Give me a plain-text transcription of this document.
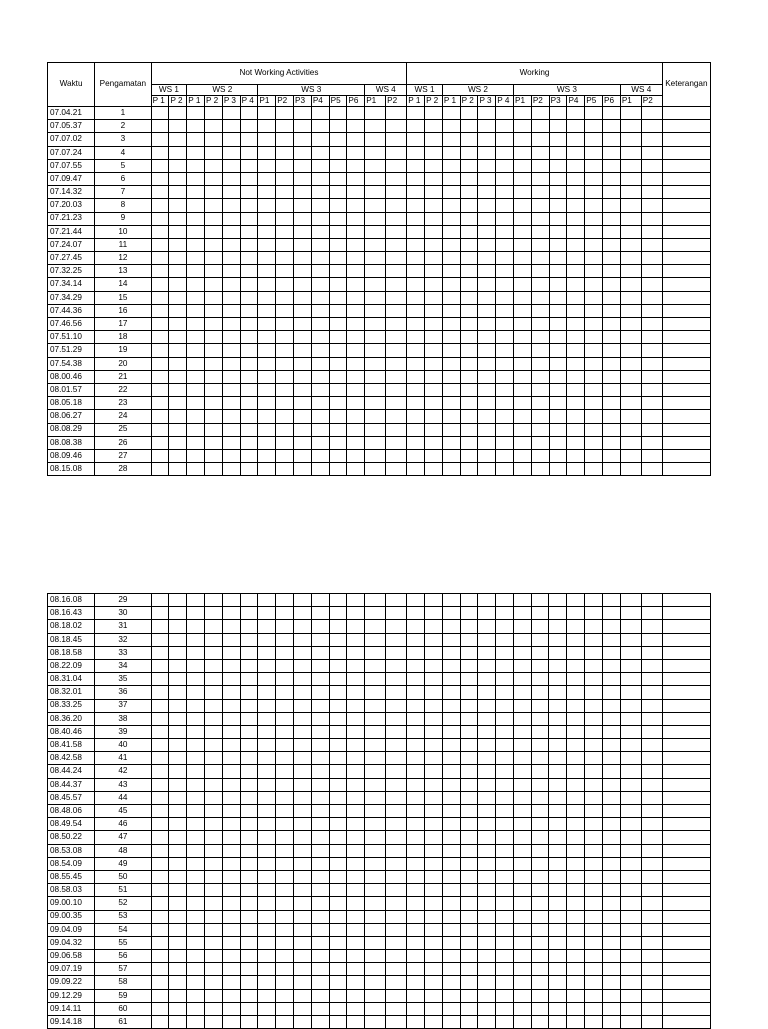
Waktu	Pengamatan	Not Working Activities														Working														Keterangan
		WS 1		WS 2				WS 3						WS 4		WS 1		WS 2				WS 3						WS 4		
		P 1	P 2	P 1	P 2	P 3	P 4	P1	P2	P3	P4	P5	P6	P1	P2	P 1	P 2	P 1	P 2	P 3	P 4	P1	P2	P3	P4	P5	P6	P1	P2	
07.04.21	1																													
07.05.37	2																													
07.07.02	3																													
07.07.24	4																													
07.07.55	5																													
07.09.47	6																													
07.14.32	7																													
07.20.03	8																													
07.21.23	9																													
07.21.44	10																													
07.24.07	11																													
07.27.45	12																													
07.32.25	13																													
07.34.14	14																													
07.34.29	15																													
07.44.36	16																													
07.46.56	17																													
07.51.10	18																													
07.51.29	19																													
07.54.38	20																													
08.00.46	21																													
08.01.57	22																													
08.05.18	23																													
08.06.27	24																													
08.08.29	25																													
08.08.38	26																													
08.09.46	27																													
08.15.08	28																													
08.16.08	29																													
08.16.43	30																													
08.18.02	31																													
08.18.45	32																													
08.18.58	33																													
08.22.09	34																													
08.31.04	35																													
08.32.01	36																													
08.33.25	37																													
08.36.20	38																													
08.40.46	39																													
08.41.58	40																													
08.42.58	41																													
08.44.24	42																													
08.44.37	43																													
08.45.57	44																													
08.48.06	45																													
08.49.54	46																													
08.50.22	47																													
08.53.08	48																													
08.54.09	49																													
08.55.45	50																													
08.58.03	51																													
09.00.10	52																													
09.00.35	53																													
09.04.09	54																													
09.04.32	55																													
09.06.58	56																													
09.07.19	57																													
09.09.22	58																													
09.12.29	59																													
09.14.11	60																													
09.14.18	61																													
